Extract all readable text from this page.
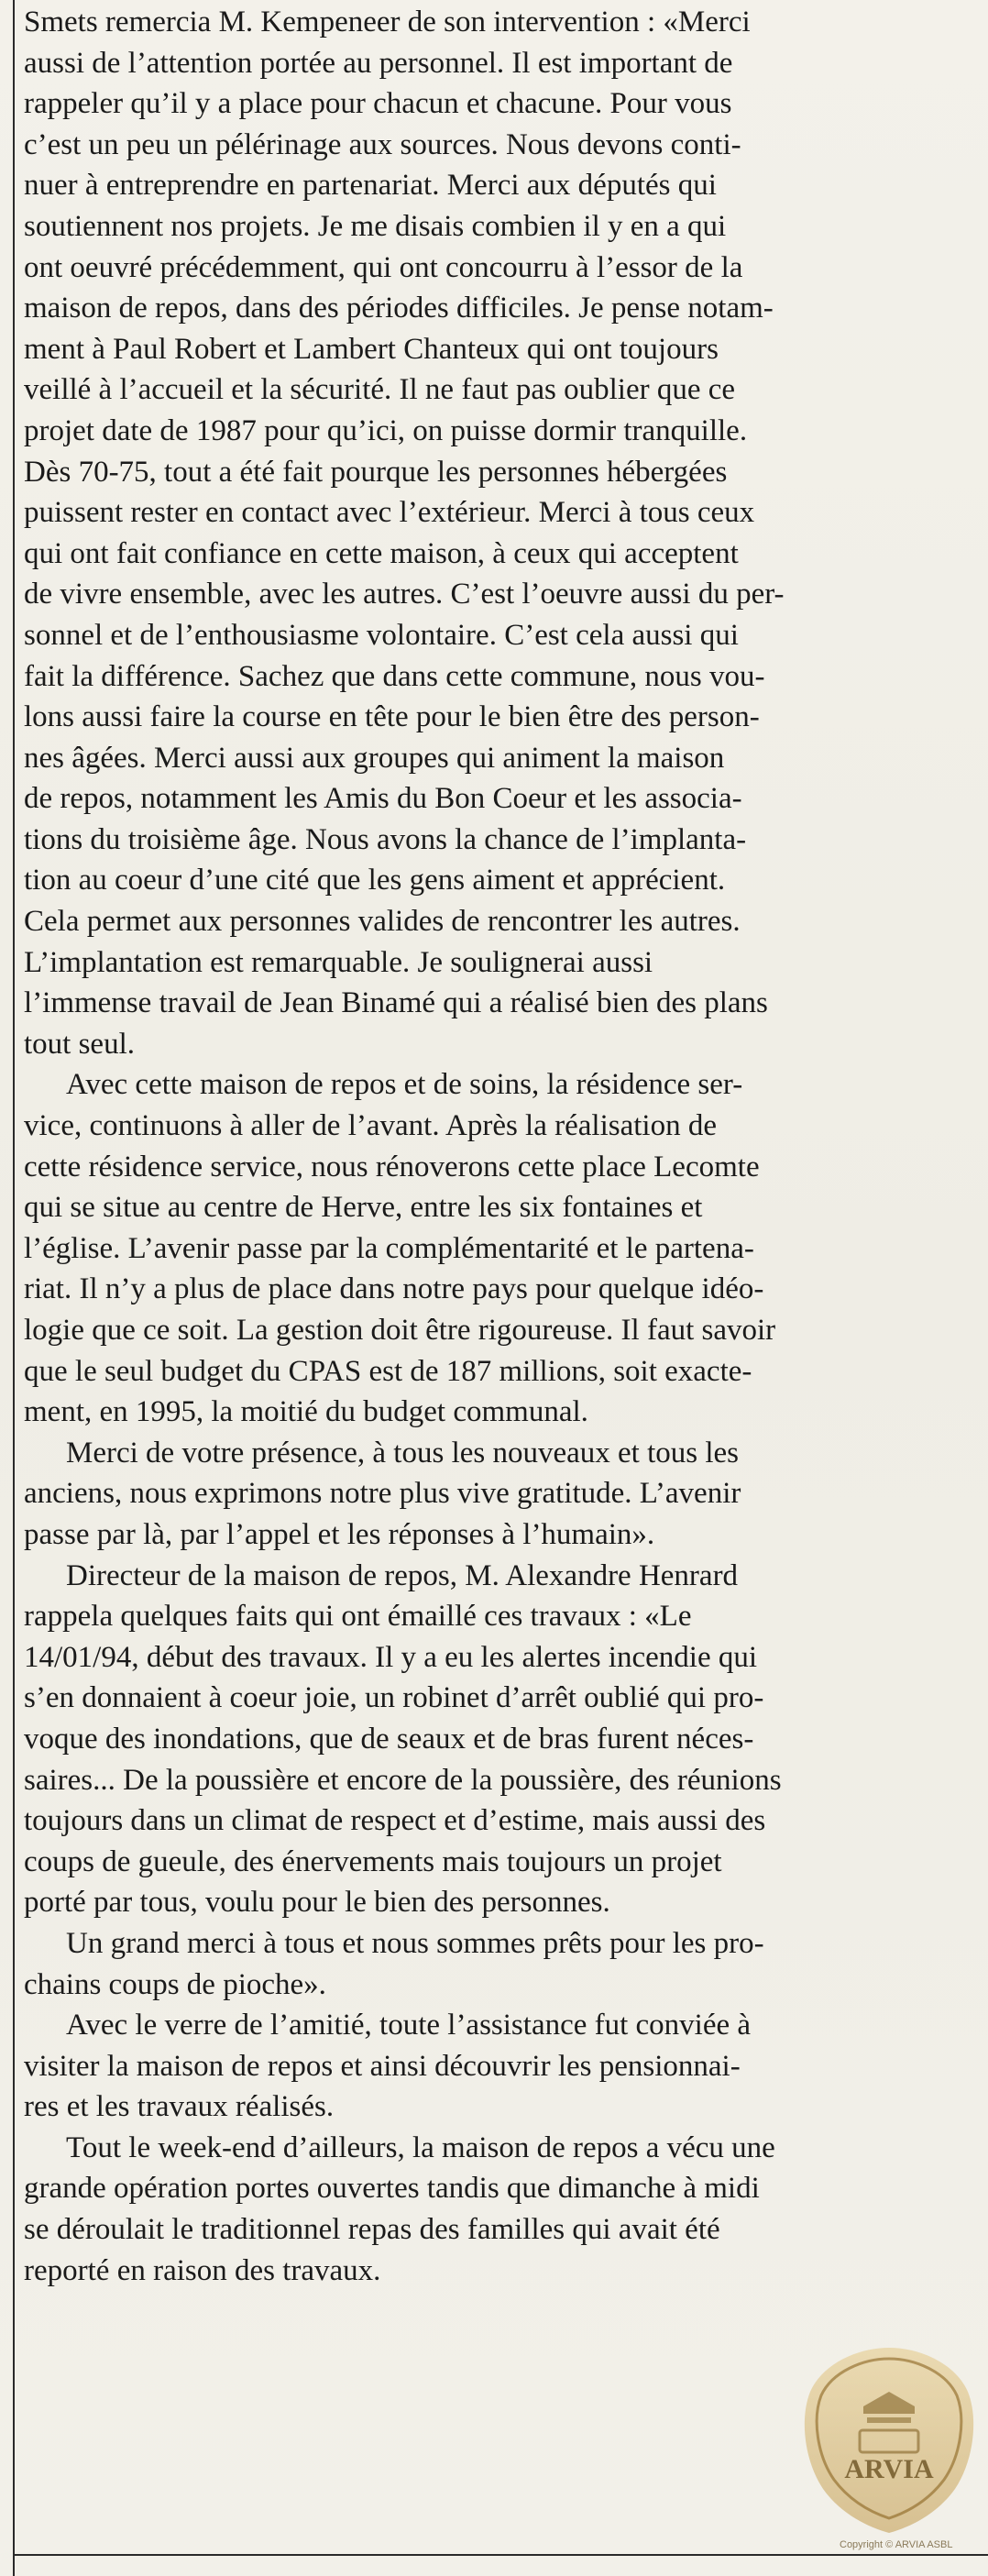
Smets remercia M. Kempeneer de son intervention : «Merci
aussi de l’attention portée au personnel. Il est important de
rappeler qu’il y a place pour chacun et chacune. Pour vous
c’est un peu un pélérinage aux sources. Nous devons conti-
nuer à entreprendre en partenariat. Merci aux députés qui
soutiennent nos projets. Je me disais combien il y en a qui
ont oeuvré précédemment, qui ont concourru à l’essor de la
maison de repos, dans des périodes difficiles. Je pense notam-
ment à Paul Robert et Lambert Chanteux qui ont toujours
veillé à l’accueil et la sécurité. Il ne faut pas oublier que ce
projet date de 1987 pour qu’ici, on puisse dormir tranquille.
Dès 70-75, tout a été fait pourque les personnes hébergées
puissent rester en contact avec l’extérieur. Merci à tous ceux
qui ont fait confiance en cette maison, à ceux qui acceptent
de vivre ensemble, avec les autres. C’est l’oeuvre aussi du per-
sonnel et de l’enthousiasme volontaire. C’est cela aussi qui
fait la différence. Sachez que dans cette commune, nous vou-
lons aussi faire la course en tête pour le bien être des person-
nes âgées. Merci aussi aux groupes qui animent la maison
de repos, notamment les Amis du Bon Coeur et les associa-
tions du troisième âge. Nous avons la chance de l’implanta-
tion au coeur d’une cité que les gens aiment et apprécient.
Cela permet aux personnes valides de rencontrer les autres.
L’implantation est remarquable. Je soulignerai aussi
l’immense travail de Jean Binamé qui a réalisé bien des plans
tout seul.
Avec cette maison de repos et de soins, la résidence ser-
vice, continuons à aller de l’avant. Après la réalisation de
cette résidence service, nous rénoverons cette place Lecomte
qui se situe au centre de Herve, entre les six fontaines et
l’église. L’avenir passe par la complémentarité et le partena-
riat. Il n’y a plus de place dans notre pays pour quelque idéo-
logie que ce soit. La gestion doit être rigoureuse. Il faut savoir
que le seul budget du CPAS est de 187 millions, soit exacte-
ment, en 1995, la moitié du budget communal.
Merci de votre présence, à tous les nouveaux et tous les
anciens, nous exprimons notre plus vive gratitude. L’avenir
passe par là, par l’appel et les réponses à l’humain».
Directeur de la maison de repos, M. Alexandre Henrard
rappela quelques faits qui ont émaillé ces travaux : «Le
14/01/94, début des travaux. Il y a eu les alertes incendie qui
s’en donnaient à coeur joie, un robinet d’arrêt oublié qui pro-
voque des inondations, que de seaux et de bras furent néces-
saires... De la poussière et encore de la poussière, des réunions
toujours dans un climat de respect et d’estime, mais aussi des
coups de gueule, des énervements mais toujours un projet
porté par tous, voulu pour le bien des personnes.
Un grand merci à tous et nous sommes prêts pour les pro-
chains coups de pioche».
Avec le verre de l’amitié, toute l’assistance fut conviée à
visiter la maison de repos et ainsi découvrir les pensionnai-
res et les travaux réalisés.
Tout le week-end d’ailleurs, la maison de repos a vécu une
grande opération portes ouvertes tandis que dimanche à midi
se déroulait le traditionnel repas des familles qui avait été
reporté en raison des travaux.
ARVIA
Copyright © ARVIA ASBL
